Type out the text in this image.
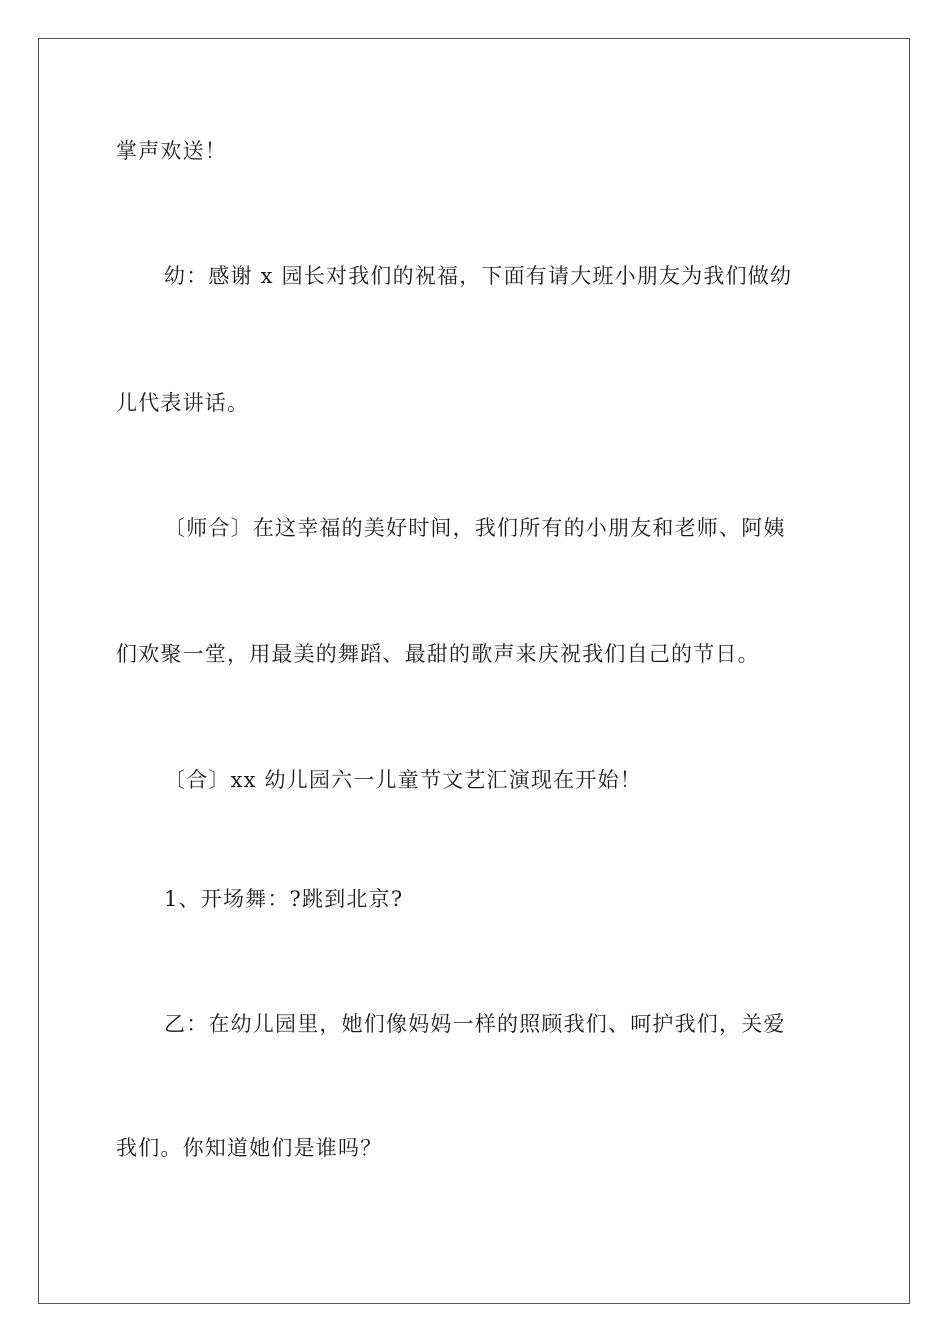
掌声欢送！
幼：感谢 x 园长对我们的祝福，下面有请大班小朋友为我们做幼
儿代表讲话。
〔师合〕在这幸福的美好时间，我们所有的小朋友和老师、阿姨
们欢聚一堂，用最美的舞蹈、最甜的歌声来庆祝我们自己的节日。
〔合〕xx 幼儿园六一儿童节文艺汇演现在开始！
1、开场舞：?跳到北京?
乙：在幼儿园里，她们像妈妈一样的照顾我们、呵护我们，关爱
我们。你知道她们是谁吗？
